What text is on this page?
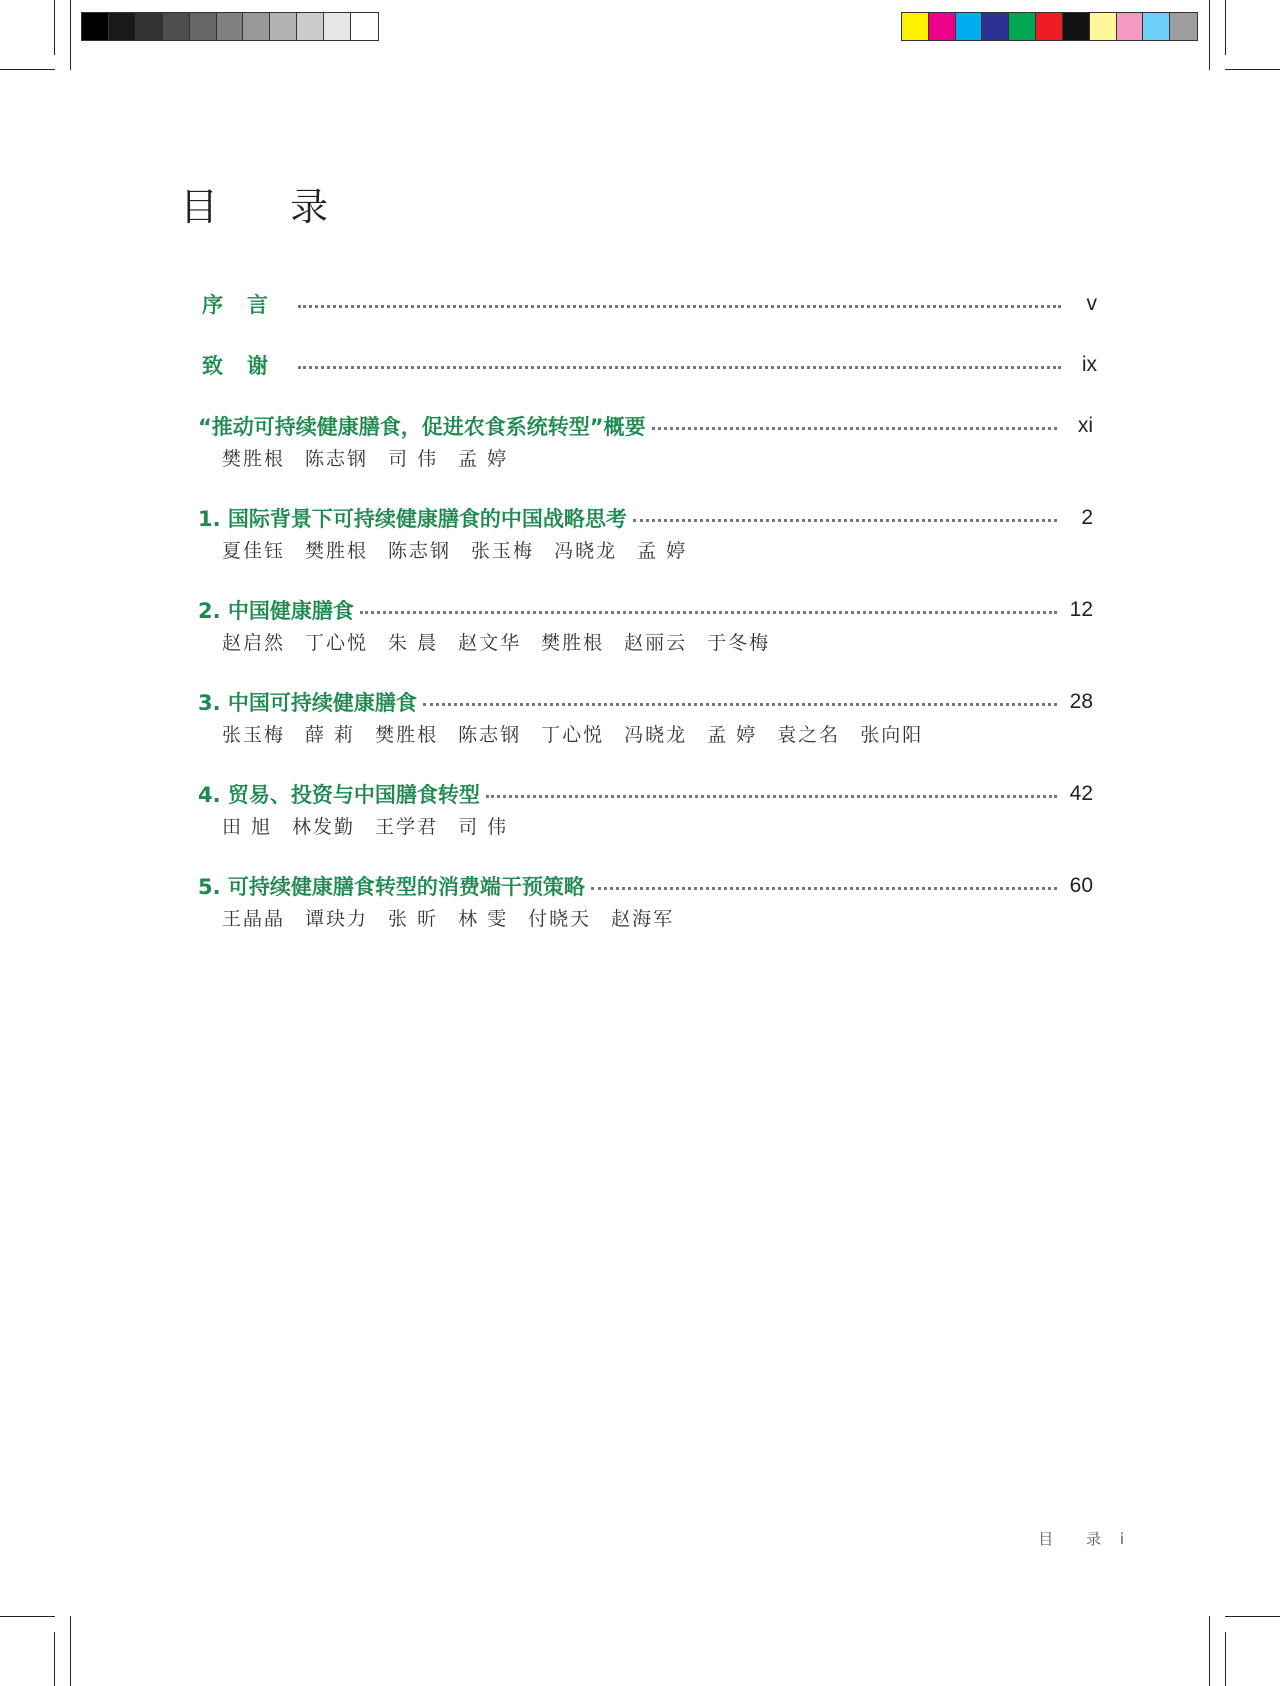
目 录
序言	v
致谢	ix
“推动可持续健康膳食，促进农食系统转型”概要	xi
樊胜根 陈志钢 司 伟 孟 婷
1. 国际背景下可持续健康膳食的中国战略思考	2
夏佳钰 樊胜根 陈志钢 张玉梅 冯晓龙 孟 婷
2. 中国健康膳食	12
赵启然 丁心悦 朱 晨 赵文华 樊胜根 赵丽云 于冬梅
3. 中国可持续健康膳食	28
张玉梅 薛 莉 樊胜根 陈志钢 丁心悦 冯晓龙 孟 婷 袁之名 张向阳
4. 贸易、投资与中国膳食转型	42
田 旭 林发勤 王学君 司 伟
5. 可持续健康膳食转型的消费端干预策略	60
王晶晶 谭玦力 张 昕 林 雯 付晓天 赵海军
目 录 i
